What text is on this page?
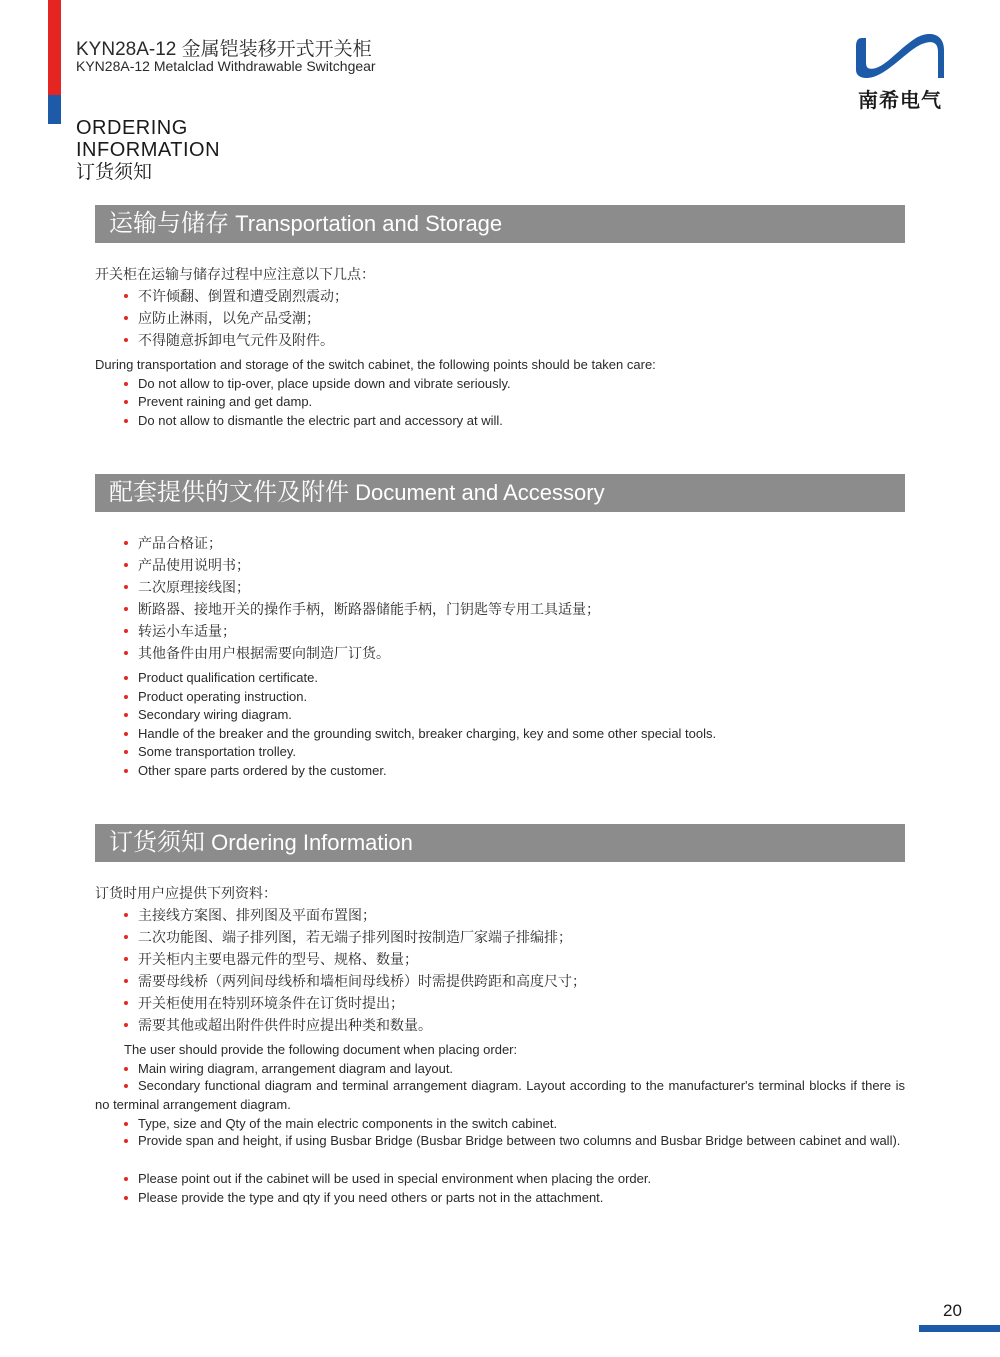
KYN28A-12 金属铠装移开式开关柜
KYN28A-12 Metalclad Withdrawable Switchgear
南希电气
ORDERING
INFORMATION
订货须知
运输与储存 Transportation and Storage
开关柜在运输与储存过程中应注意以下几点：
不许倾翻、倒置和遭受剧烈震动；
应防止淋雨，以免产品受潮；
不得随意拆卸电气元件及附件。
During transportation and storage of the switch cabinet, the following points should be taken care:
Do not allow to tip-over, place upside down and vibrate seriously.
Prevent raining and get damp.
Do not allow to dismantle the electric part and accessory at will.
配套提供的文件及附件 Document and Accessory
产品合格证；
产品使用说明书；
二次原理接线图；
断路器、接地开关的操作手柄，断路器储能手柄，门钥匙等专用工具适量；
转运小车适量；
其他备件由用户根据需要向制造厂订货。
Product qualification certificate.
Product operating instruction.
Secondary wiring diagram.
Handle of the breaker and the grounding switch, breaker charging, key and some other special tools.
Some transportation trolley.
Other spare parts ordered by the customer.
订货须知 Ordering Information
订货时用户应提供下列资料：
主接线方案图、排列图及平面布置图；
二次功能图、端子排列图，若无端子排列图时按制造厂家端子排编排；
开关柜内主要电器元件的型号、规格、数量；
需要母线桥（两列间母线桥和墙柜间母线桥）时需提供跨距和高度尺寸；
开关柜使用在特别环境条件在订货时提出；
需要其他或超出附件供件时应提出种类和数量。
The user should provide the following document when placing order:
Main wiring diagram, arrangement diagram and layout.
Secondary functional diagram and terminal arrangement diagram. Layout according to the manufacturer's terminal blocks if there is no terminal arrangement diagram.
Type, size and Qty of the main electric components in the switch cabinet.
Provide span and height, if using Busbar Bridge (Busbar Bridge between two columns and Busbar Bridge between cabinet and wall).
Please point out if the cabinet will be used in special environment when placing the order.
Please provide the type and qty if you need others or parts not in the attachment.
20
